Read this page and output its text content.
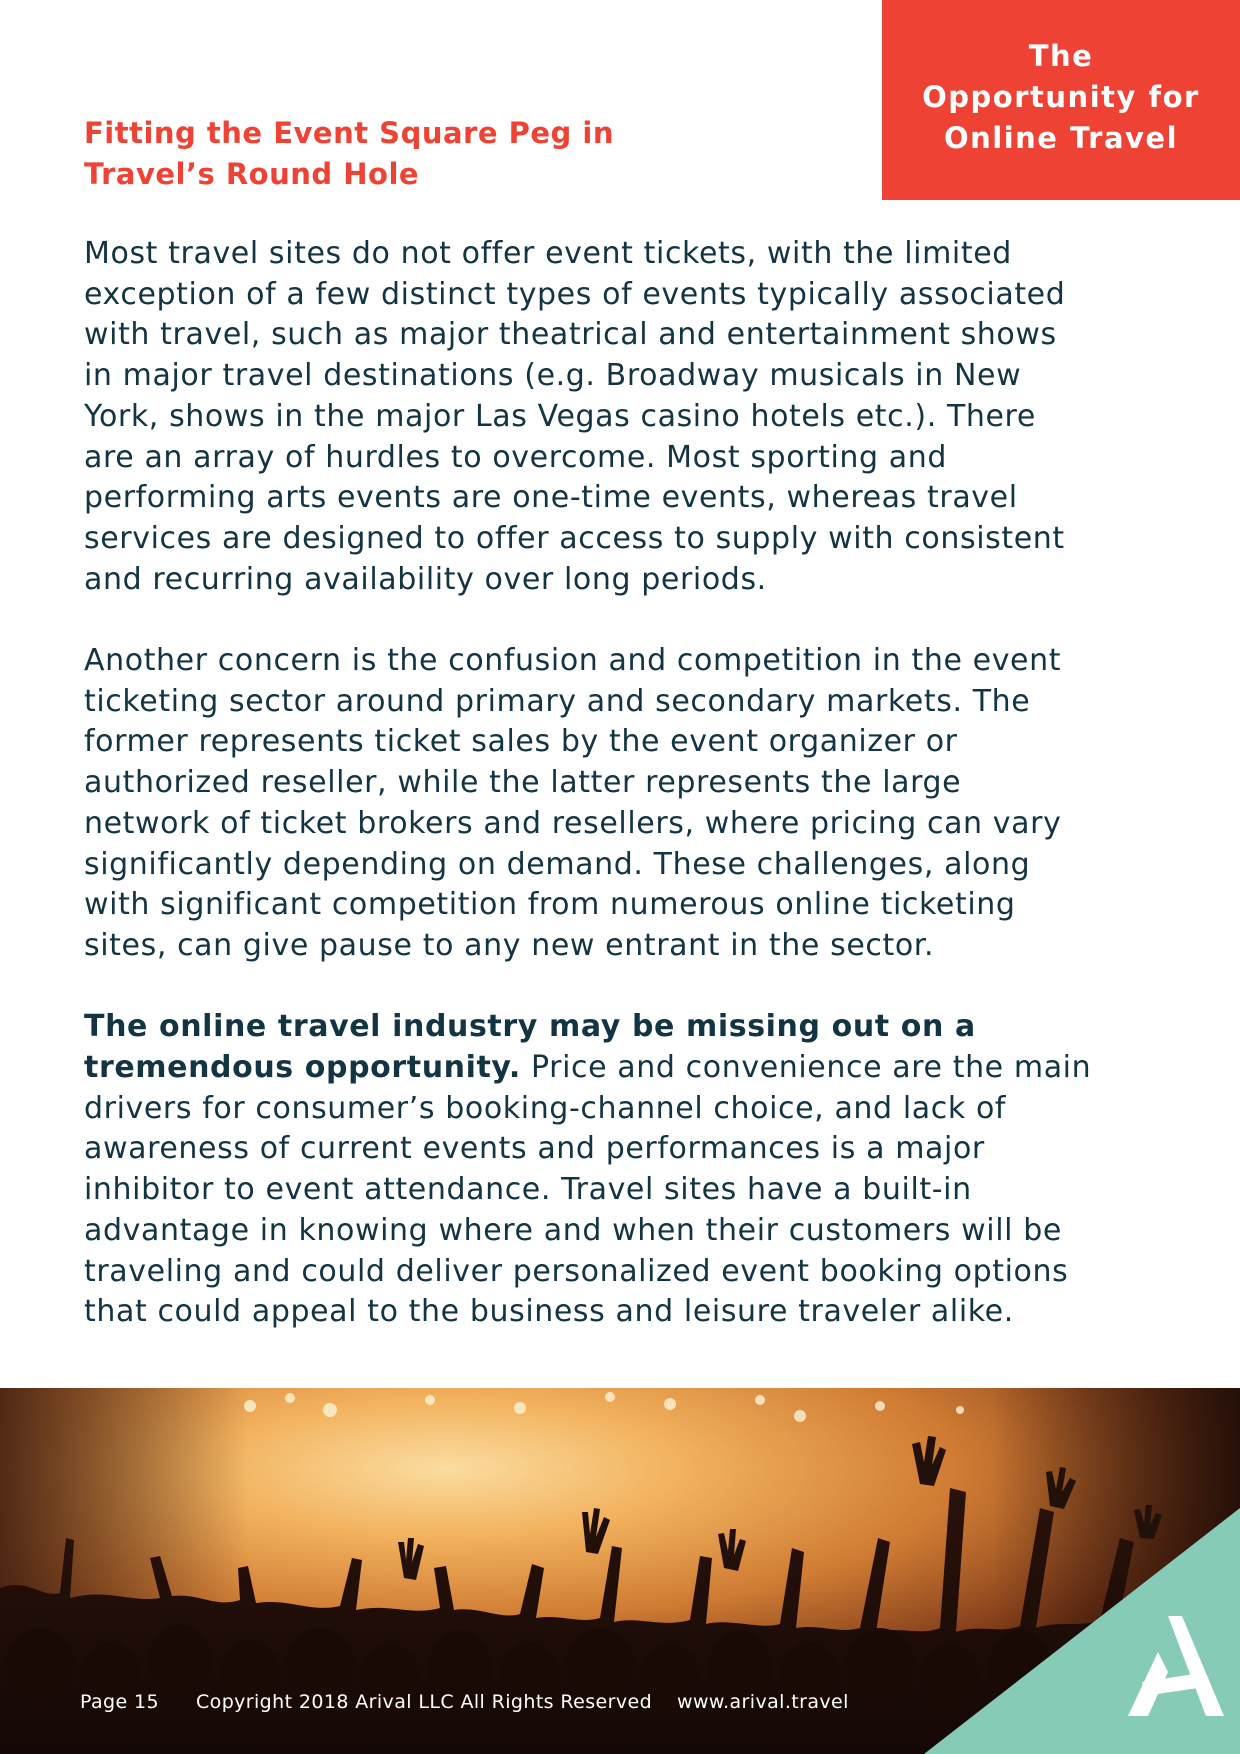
The
Opportunity for
Online Travel
Fitting the Event Square Peg in
Travel’s Round Hole

Most travel sites do not offer event tickets, with the limited
exception of a few distinct types of events typically associated
with travel, such as major theatrical and entertainment shows
in major travel destinations (e.g. Broadway musicals in New
York, shows in the major Las Vegas casino hotels etc.). There
are an array of hurdles to overcome. Most sporting and
performing arts events are one-time events, whereas travel
services are designed to offer access to supply with consistent
and recurring availability over long periods.

Another concern is the confusion and competition in the event
ticketing sector around primary and secondary markets. The
former represents ticket sales by the event organizer or
authorized reseller, while the latter represents the large
network of ticket brokers and resellers, where pricing can vary
significantly depending on demand. These challenges, along
with significant competition from numerous online ticketing
sites, can give pause to any new entrant in the sector.

The online travel industry may be missing out on a
tremendous opportunity. Price and convenience are the main
drivers for consumer’s booking-channel choice, and lack of
awareness of current events and performances is a major
inhibitor to event attendance. Travel sites have a built-in
advantage in knowing where and when their customers will be
traveling and could deliver personalized event booking options
that could appeal to the business and leisure traveler alike.

Page 15 Copyright 2018 Arival LLC All Rights Reserved www.arival.travel
